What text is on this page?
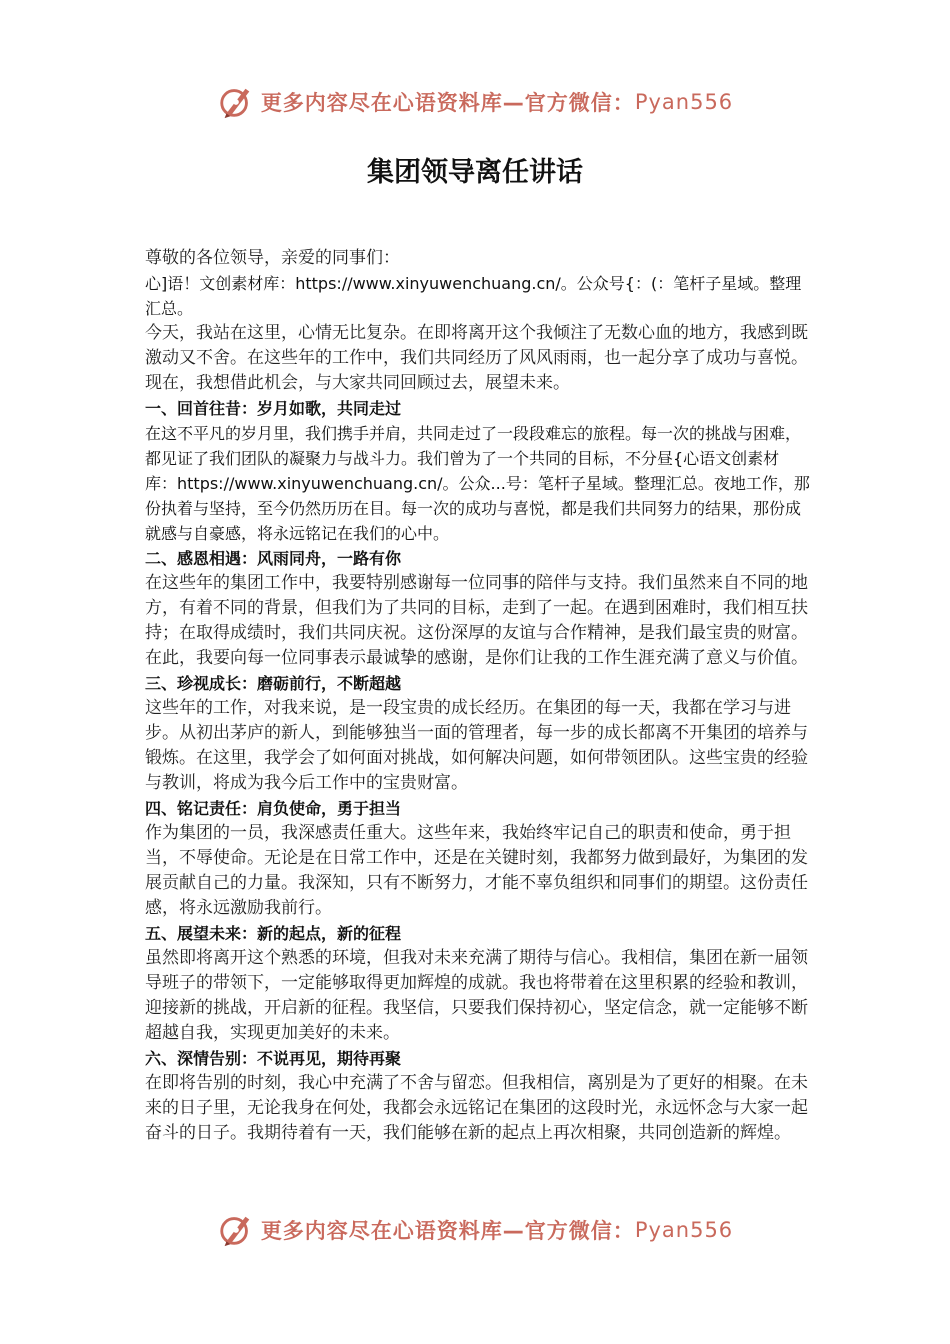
更多内容尽在心语资料库—官方微信： Pyan556
集团领导离任讲话

尊敬的各位领导，亲爱的同事们：

心]语！文创素材库：https://www.xinyuwenchuang.cn/。公众号{：(：笔杆子星域。整理汇总。

今天，我站在这里，心情无比复杂。在即将离开这个我倾注了无数心血的地方，我感到既激动又不舍。在这些年的工作中，我们共同经历了风风雨雨，也一起分享了成功与喜悦。现在，我想借此机会，与大家共同回顾过去，展望未来。

一、回首往昔：岁月如歌，共同走过

在这不平凡的岁月里，我们携手并肩，共同走过了一段段难忘的旅程。每一次的挑战与困难，都见证了我们团队的凝聚力与战斗力。我们曾为了一个共同的目标，不分昼{心语文创素材库：https://www.xinyuwenchuang.cn/。公众...号：笔杆子星域。整理汇总。夜地工作，那份执着与坚持，至今仍然历历在目。每一次的成功与喜悦，都是我们共同努力的结果，那份成就感与自豪感，将永远铭记在我们的心中。

二、感恩相遇：风雨同舟，一路有你

在这些年的集团工作中，我要特别感谢每一位同事的陪伴与支持。我们虽然来自不同的地方，有着不同的背景，但我们为了共同的目标，走到了一起。在遇到困难时，我们相互扶持；在取得成绩时，我们共同庆祝。这份深厚的友谊与合作精神，是我们最宝贵的财富。在此，我要向每一位同事表示最诚挚的感谢，是你们让我的工作生涯充满了意义与价值。

三、珍视成长：磨砺前行，不断超越

这些年的工作，对我来说，是一段宝贵的成长经历。在集团的每一天，我都在学习与进步。从初出茅庐的新人，到能够独当一面的管理者，每一步的成长都离不开集团的培养与锻炼。在这里，我学会了如何面对挑战，如何解决问题，如何带领团队。这些宝贵的经验与教训，将成为我今后工作中的宝贵财富。

四、铭记责任：肩负使命，勇于担当

作为集团的一员，我深感责任重大。这些年来，我始终牢记自己的职责和使命，勇于担当，不辱使命。无论是在日常工作中，还是在关键时刻，我都努力做到最好，为集团的发展贡献自己的力量。我深知，只有不断努力，才能不辜负组织和同事们的期望。这份责任感，将永远激励我前行。

五、展望未来：新的起点，新的征程

虽然即将离开这个熟悉的环境，但我对未来充满了期待与信心。我相信，集团在新一届领导班子的带领下，一定能够取得更加辉煌的成就。我也将带着在这里积累的经验和教训，迎接新的挑战，开启新的征程。我坚信，只要我们保持初心，坚定信念，就一定能够不断超越自我，实现更加美好的未来。

六、深情告别：不说再见，期待再聚

在即将告别的时刻，我心中充满了不舍与留恋。但我相信，离别是为了更好的相聚。在未来的日子里，无论我身在何处，我都会永远铭记在集团的这段时光，永远怀念与大家一起奋斗的日子。我期待着有一天，我们能够在新的起点上再次相聚，共同创造新的辉煌。

更多内容尽在心语资料库—官方微信： Pyan556
